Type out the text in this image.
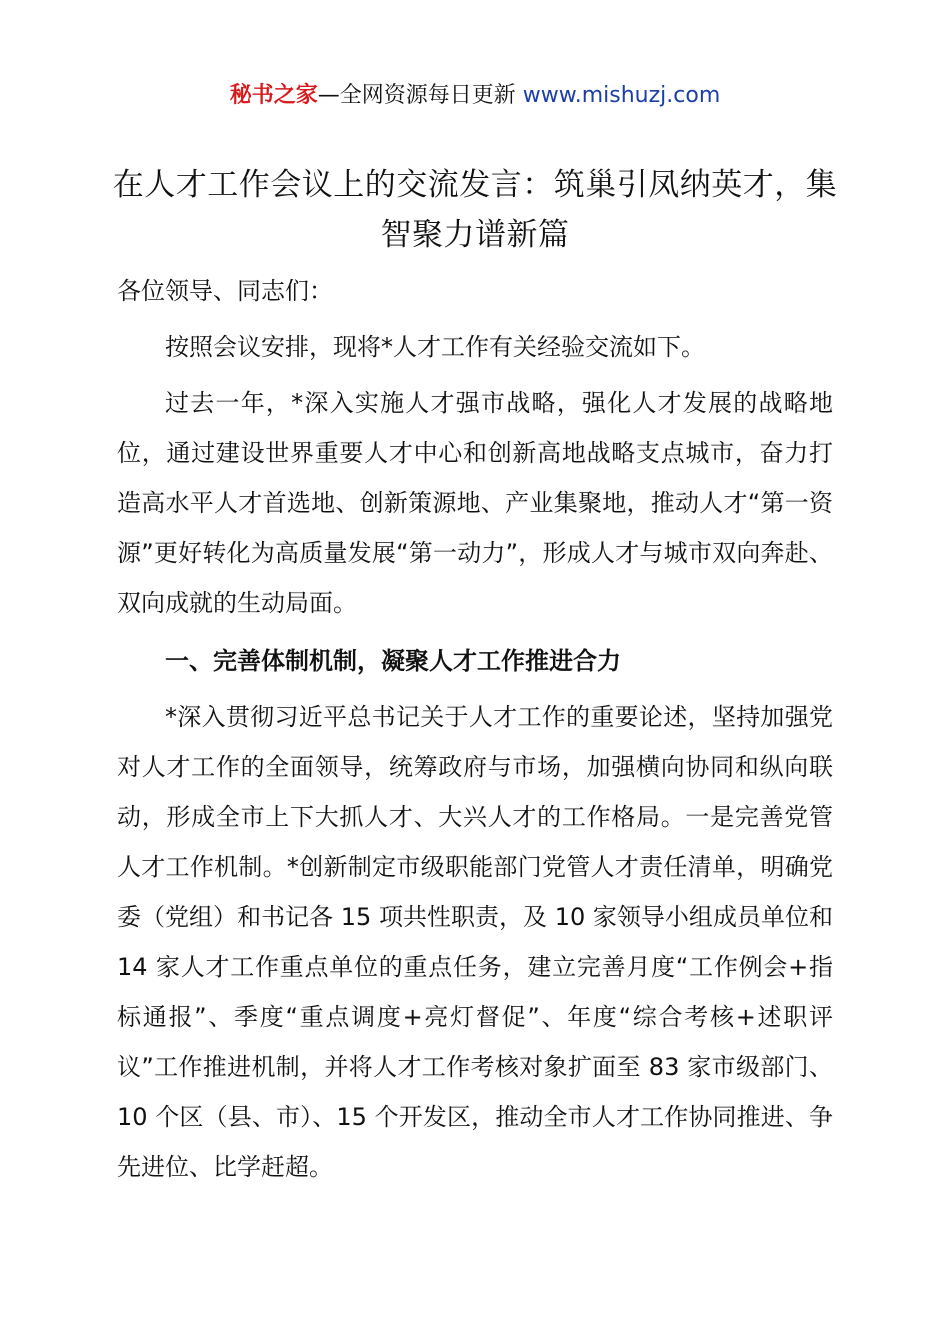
秘书之家—全网资源每日更新 www.mishuzj.com
在人才工作会议上的交流发言：筑巢引凤纳英才，集智聚力谱新篇

各位领导、同志们：

按照会议安排，现将*人才工作有关经验交流如下。

过去一年，*深入实施人才强市战略，强化人才发展的战略地位，通过建设世界重要人才中心和创新高地战略支点城市，奋力打造高水平人才首选地、创新策源地、产业集聚地，推动人才“第一资源”更好转化为高质量发展“第一动力”，形成人才与城市双向奔赴、双向成就的生动局面。

一、完善体制机制，凝聚人才工作推进合力

*深入贯彻习近平总书记关于人才工作的重要论述，坚持加强党对人才工作的全面领导，统筹政府与市场，加强横向协同和纵向联动，形成全市上下大抓人才、大兴人才的工作格局。一是完善党管人才工作机制。*创新制定市级职能部门党管人才责任清单，明确党委（党组）和书记各 15 项共性职责，及 10 家领导小组成员单位和 14 家人才工作重点单位的重点任务，建立完善月度“工作例会+指标通报”、季度“重点调度+亮灯督促”、年度“综合考核+述职评议”工作推进机制，并将人才工作考核对象扩面至 83 家市级部门、10 个区（县、市）、15 个开发区，推动全市人才工作协同推进、争先进位、比学赶超。
